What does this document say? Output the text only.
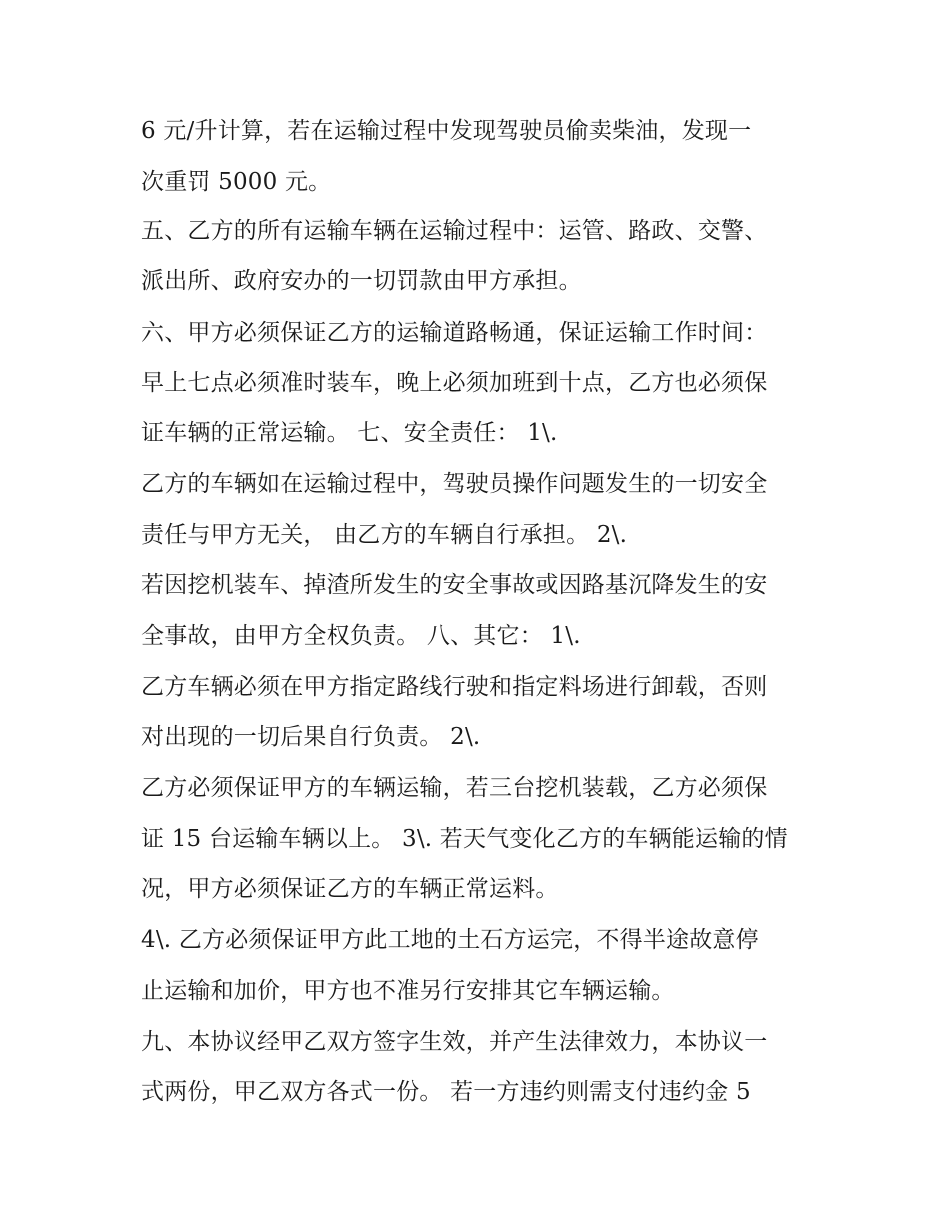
6 元/升计算，若在运输过程中发现驾驶员偷卖柴油，发现一
次重罚 5000 元。
五、乙方的所有运输车辆在运输过程中：运管、路政、交警、
派出所、政府安办的一切罚款由甲方承担。
六、甲方必须保证乙方的运输道路畅通，保证运输工作时间：
早上七点必须准时装车，晚上必须加班到十点，乙方也必须保
证车辆的正常运输。 七、安全责任： 1\.
乙方的车辆如在运输过程中，驾驶员操作问题发生的一切安全
责任与甲方无关， 由乙方的车辆自行承担。 2\.
若因挖机装车、掉渣所发生的安全事故或因路基沉降发生的安
全事故，由甲方全权负责。 八、其它： 1\.
乙方车辆必须在甲方指定路线行驶和指定料场进行卸载，否则
对出现的一切后果自行负责。 2\.
乙方必须保证甲方的车辆运输，若三台挖机装载，乙方必须保
证 15 台运输车辆以上。 3\. 若天气变化乙方的车辆能运输的情
况，甲方必须保证乙方的车辆正常运料。
4\. 乙方必须保证甲方此工地的土石方运完，不得半途故意停
止运输和加价，甲方也不准另行安排其它车辆运输。
九、本协议经甲乙双方签字生效，并产生法律效力，本协议一
式两份，甲乙双方各式一份。 若一方违约则需支付违约金 5
